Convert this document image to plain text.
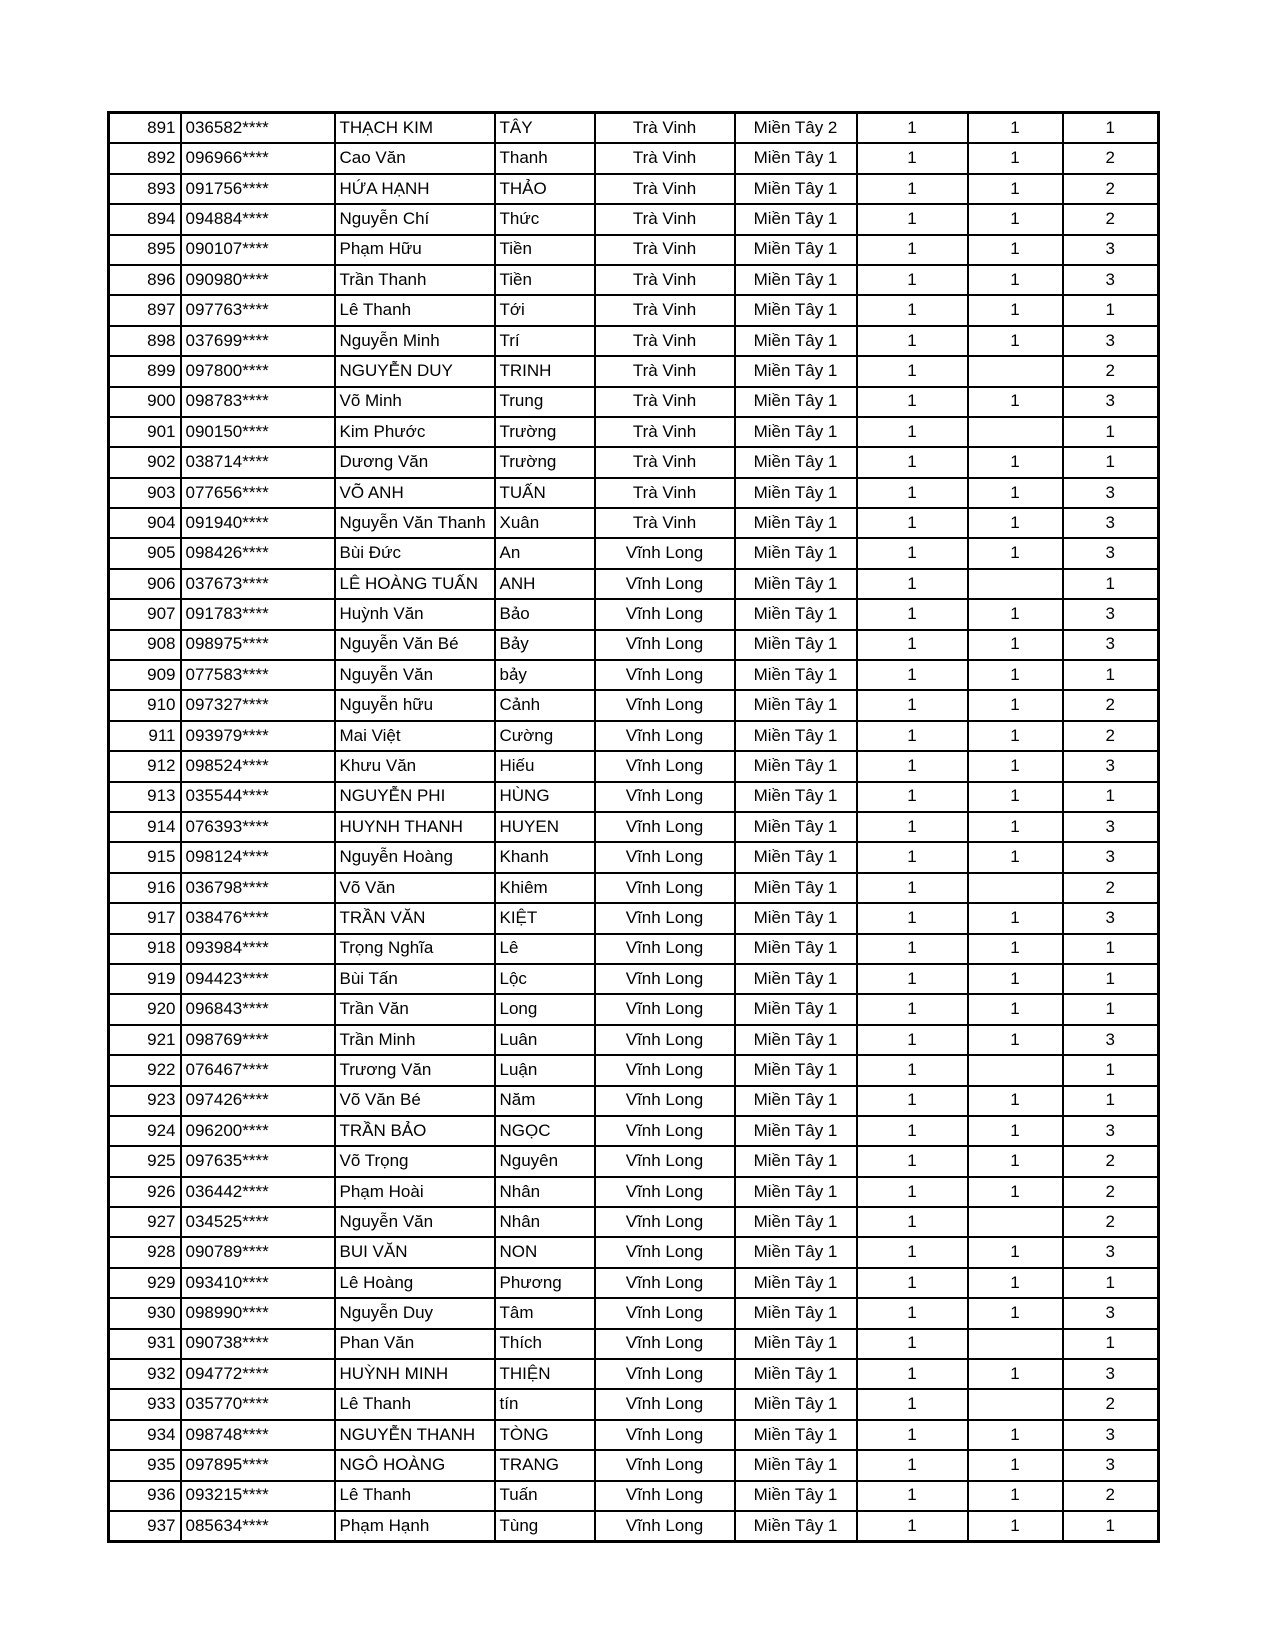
891	036582****	THẠCH KIM	TÂY	Trà Vinh	Miền Tây 2	1	1	1
892	096966****	Cao Văn	Thanh	Trà Vinh	Miền Tây 1	1	1	2
893	091756****	HỨA HẠNH	THẢO	Trà Vinh	Miền Tây 1	1	1	2
894	094884****	Nguyễn Chí	Thức	Trà Vinh	Miền Tây 1	1	1	2
895	090107****	Phạm Hữu	Tiền	Trà Vinh	Miền Tây 1	1	1	3
896	090980****	Trần Thanh	Tiền	Trà Vinh	Miền Tây 1	1	1	3
897	097763****	Lê Thanh	Tới	Trà Vinh	Miền Tây 1	1	1	1
898	037699****	Nguyễn Minh	Trí	Trà Vinh	Miền Tây 1	1	1	3
899	097800****	NGUYỄN DUY	TRINH	Trà Vinh	Miền Tây 1	1		2
900	098783****	Võ Minh	Trung	Trà Vinh	Miền Tây 1	1	1	3
901	090150****	Kim Phước	Trường	Trà Vinh	Miền Tây 1	1		1
902	038714****	Dương Văn	Trường	Trà Vinh	Miền Tây 1	1	1	1
903	077656****	VÕ ANH	TUẤN	Trà Vinh	Miền Tây 1	1	1	3
904	091940****	Nguyễn Văn Thanh	Xuân	Trà Vinh	Miền Tây 1	1	1	3
905	098426****	Bùi Đức	An	Vĩnh Long	Miền Tây 1	1	1	3
906	037673****	LÊ HOÀNG TUẤN	ANH	Vĩnh Long	Miền Tây 1	1		1
907	091783****	Huỳnh Văn	Bảo	Vĩnh Long	Miền Tây 1	1	1	3
908	098975****	Nguyễn Văn Bé	Bảy	Vĩnh Long	Miền Tây 1	1	1	3
909	077583****	Nguyễn Văn	bảy	Vĩnh Long	Miền Tây 1	1	1	1
910	097327****	Nguyễn hữu	Cảnh	Vĩnh Long	Miền Tây 1	1	1	2
911	093979****	Mai Việt	Cường	Vĩnh Long	Miền Tây 1	1	1	2
912	098524****	Khưu Văn	Hiếu	Vĩnh Long	Miền Tây 1	1	1	3
913	035544****	NGUYỄN PHI	HÙNG	Vĩnh Long	Miền Tây 1	1	1	1
914	076393****	HUYNH THANH	HUYEN	Vĩnh Long	Miền Tây 1	1	1	3
915	098124****	Nguyễn Hoàng	Khanh	Vĩnh Long	Miền Tây 1	1	1	3
916	036798****	Võ Văn	Khiêm	Vĩnh Long	Miền Tây 1	1		2
917	038476****	TRẦN VĂN	KIỆT	Vĩnh Long	Miền Tây 1	1	1	3
918	093984****	Trọng Nghĩa	Lê	Vĩnh Long	Miền Tây 1	1	1	1
919	094423****	Bùi Tấn	Lộc	Vĩnh Long	Miền Tây 1	1	1	1
920	096843****	Trần Văn	Long	Vĩnh Long	Miền Tây 1	1	1	1
921	098769****	Trần Minh	Luân	Vĩnh Long	Miền Tây 1	1	1	3
922	076467****	Trương Văn	Luận	Vĩnh Long	Miền Tây 1	1		1
923	097426****	Võ Văn Bé	Năm	Vĩnh Long	Miền Tây 1	1	1	1
924	096200****	TRẦN BẢO	NGỌC	Vĩnh Long	Miền Tây 1	1	1	3
925	097635****	Võ Trọng	Nguyên	Vĩnh Long	Miền Tây 1	1	1	2
926	036442****	Phạm Hoài	Nhân	Vĩnh Long	Miền Tây 1	1	1	2
927	034525****	Nguyễn Văn	Nhân	Vĩnh Long	Miền Tây 1	1		2
928	090789****	BUI VĂN	NON	Vĩnh Long	Miền Tây 1	1	1	3
929	093410****	Lê Hoàng	Phương	Vĩnh Long	Miền Tây 1	1	1	1
930	098990****	Nguyễn Duy	Tâm	Vĩnh Long	Miền Tây 1	1	1	3
931	090738****	Phan Văn	Thích	Vĩnh Long	Miền Tây 1	1		1
932	094772****	HUỲNH MINH	THIỆN	Vĩnh Long	Miền Tây 1	1	1	3
933	035770****	Lê Thanh	tín	Vĩnh Long	Miền Tây 1	1		2
934	098748****	NGUYỄN THANH	TÒNG	Vĩnh Long	Miền Tây 1	1	1	3
935	097895****	NGÔ HOÀNG	TRANG	Vĩnh Long	Miền Tây 1	1	1	3
936	093215****	Lê Thanh	Tuấn	Vĩnh Long	Miền Tây 1	1	1	2
937	085634****	Phạm Hạnh	Tùng	Vĩnh Long	Miền Tây 1	1	1	1
